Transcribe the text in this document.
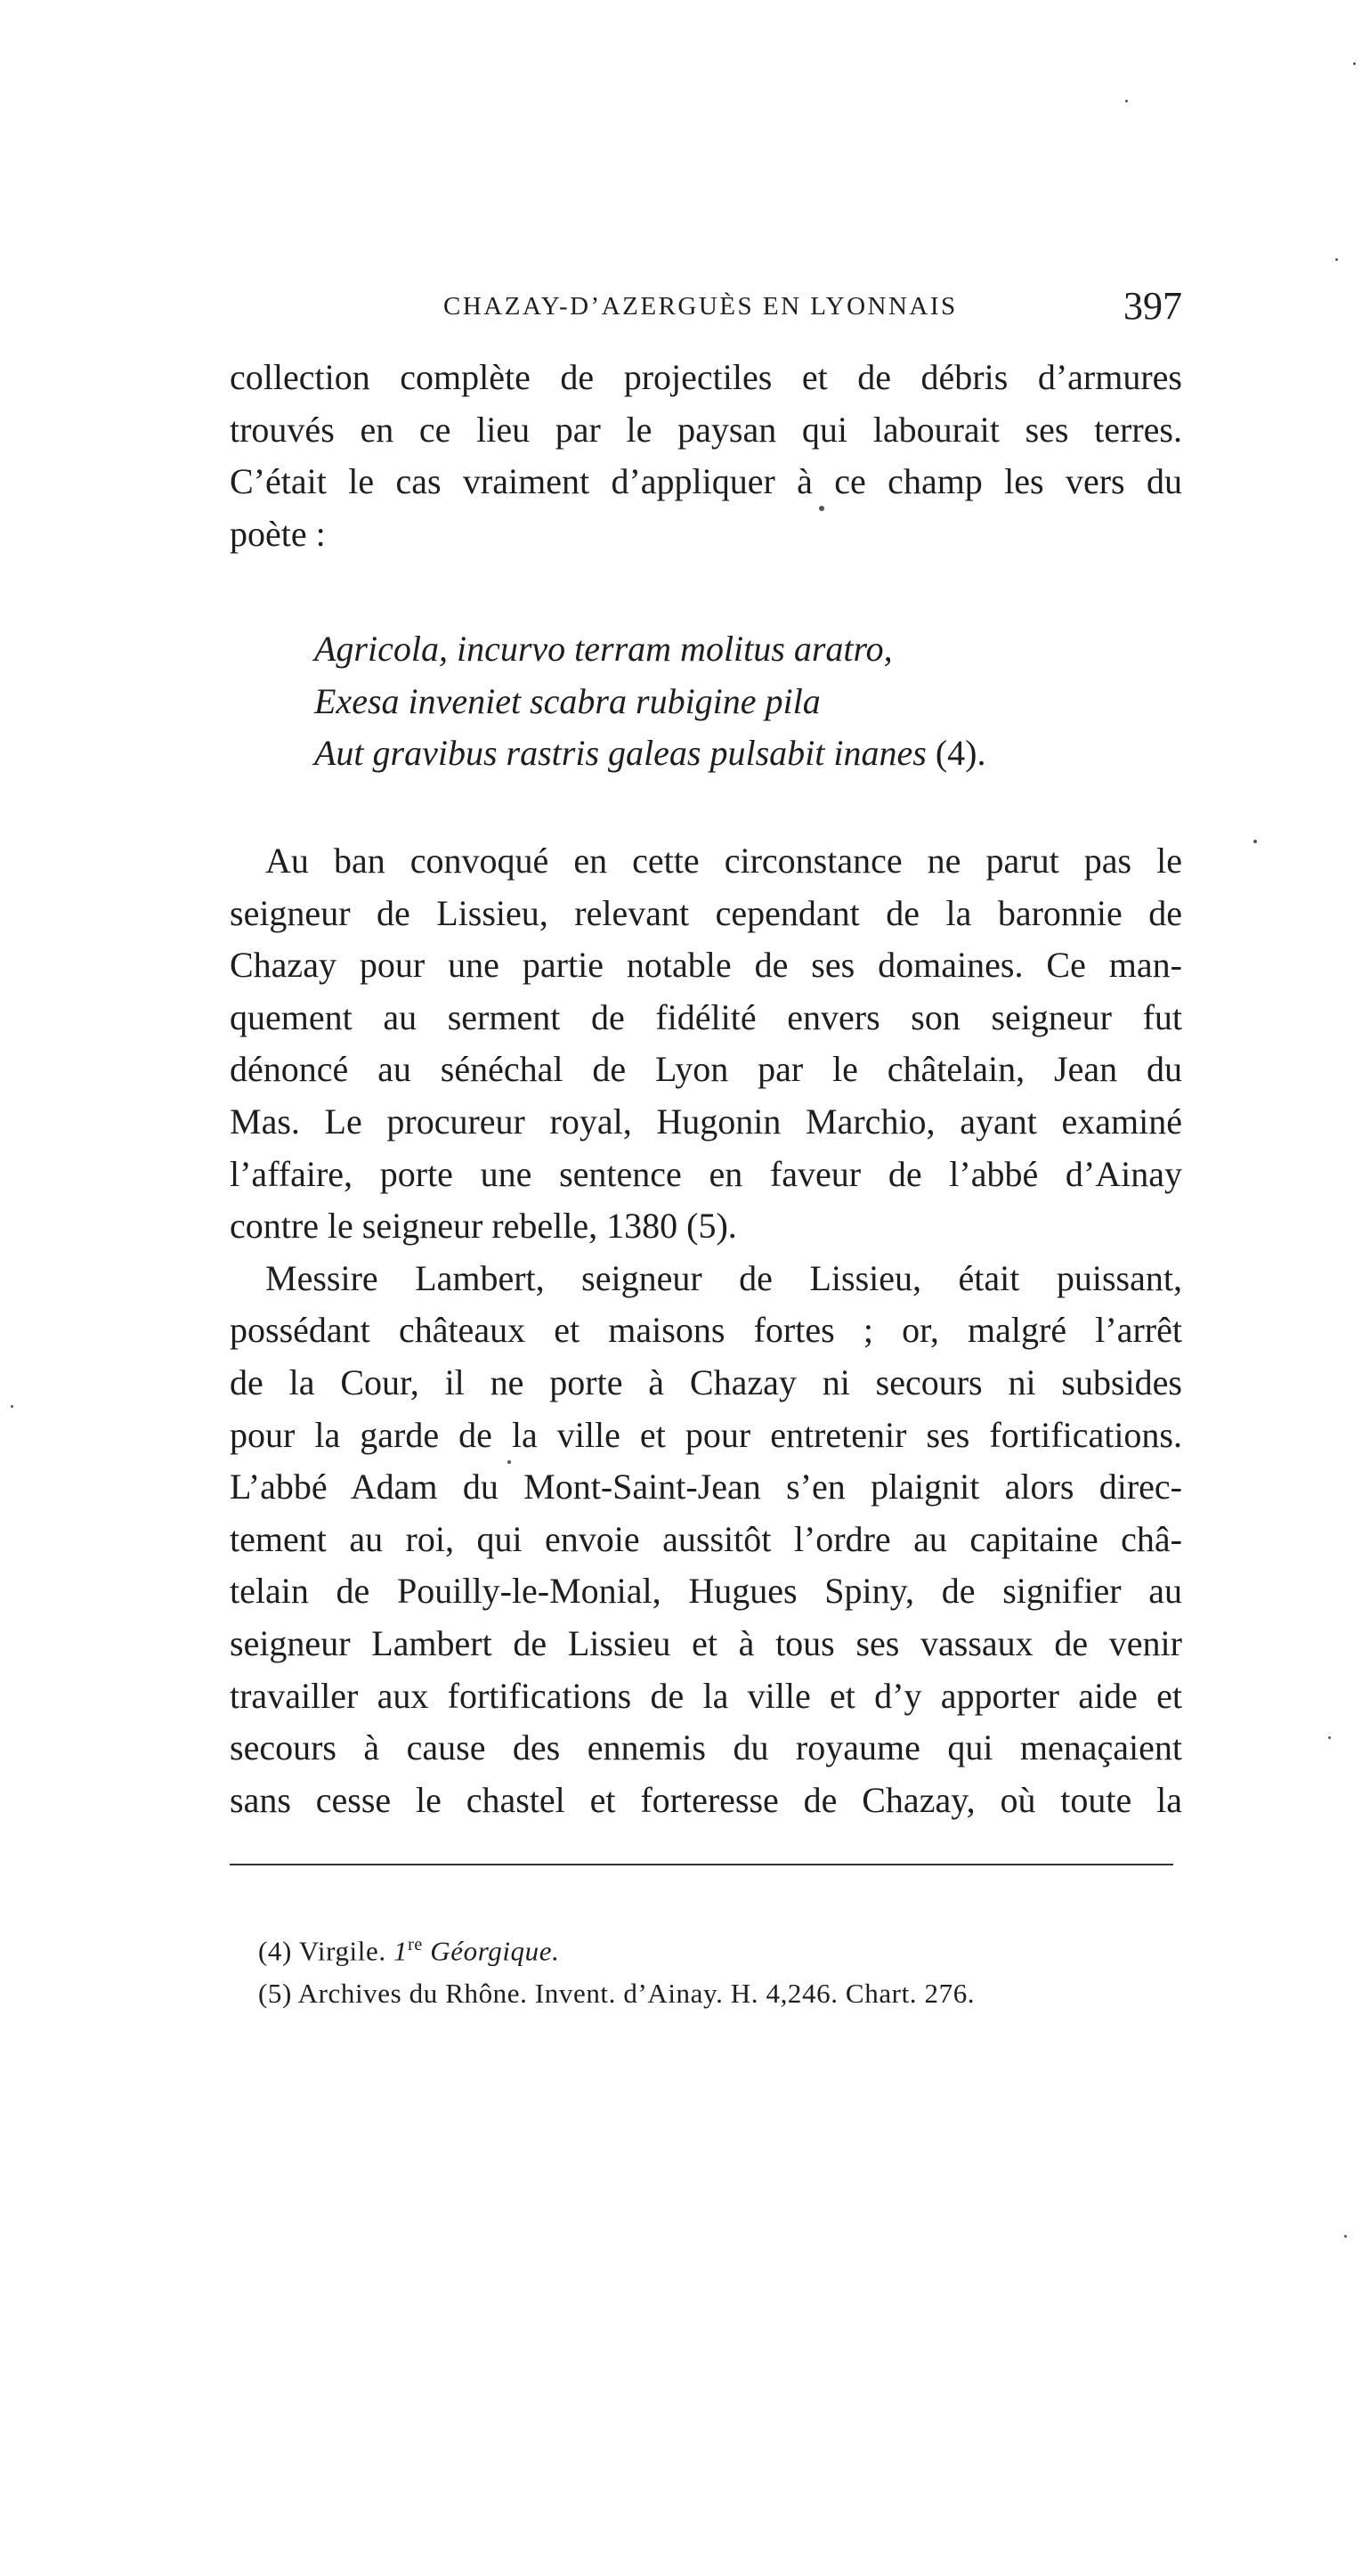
CHAZAY-D’AZERGUÈS EN LYONNAIS	397
collection complète de projectiles et de débris d’armures
trouvés en ce lieu par le paysan qui labourait ses terres.
C’était le cas vraiment d’appliquer à ce champ les vers du
poète :
Agricola, incurvo terram molitus aratro,
Exesa inveniet scabra rubigine pila
Aut gravibus rastris galeas pulsabit inanes (4).
Au ban convoqué en cette circonstance ne parut pas le
seigneur de Lissieu, relevant cependant de la baronnie de
Chazay pour une partie notable de ses domaines. Ce man-
quement au serment de fidélité envers son seigneur fut
dénoncé au sénéchal de Lyon par le châtelain, Jean du
Mas. Le procureur royal, Hugonin Marchio, ayant examiné
l’affaire, porte une sentence en faveur de l’abbé d’Ainay
contre le seigneur rebelle, 1380 (5).
Messire Lambert, seigneur de Lissieu, était puissant,
possédant châteaux et maisons fortes ; or, malgré l’arrêt
de la Cour, il ne porte à Chazay ni secours ni subsides
pour la garde de la ville et pour entretenir ses fortifications.
L’abbé Adam du Mont-Saint-Jean s’en plaignit alors direc-
tement au roi, qui envoie aussitôt l’ordre au capitaine châ-
telain de Pouilly-le-Monial, Hugues Spiny, de signifier au
seigneur Lambert de Lissieu et à tous ses vassaux de venir
travailler aux fortifications de la ville et d’y apporter aide et
secours à cause des ennemis du royaume qui menaçaient
sans cesse le chastel et forteresse de Chazay, où toute la
(4) Virgile. 1re Géorgique.
(5) Archives du Rhône. Invent. d’Ainay. H. 4,246. Chart. 276.
